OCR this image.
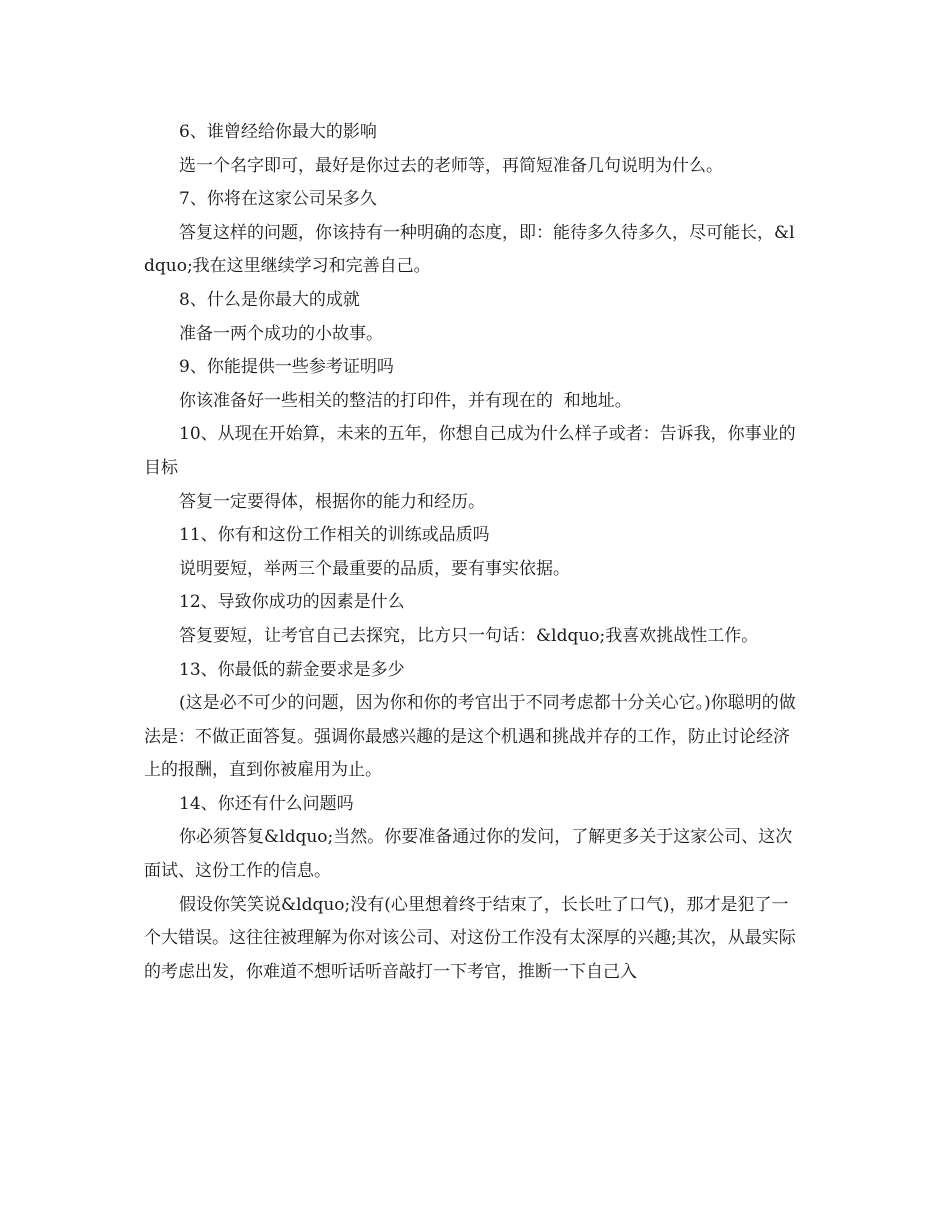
6、谁曾经给你最大的影响

选一个名字即可，最好是你过去的老师等，再简短准备几句说明为什么。

7、你将在这家公司呆多久

答复这样的问题，你该持有一种明确的态度，即：能待多久待多久，尽可能长，&ldquo;我在这里继续学习和完善自己。

8、什么是你最大的成就

准备一两个成功的小故事。

9、你能提供一些参考证明吗

你该准备好一些相关的整洁的打印件，并有现在的  和地址。

10、从现在开始算，未来的五年，你想自己成为什么样子或者：告诉我，你事业的目标

答复一定要得体，根据你的能力和经历。

11、你有和这份工作相关的训练或品质吗

说明要短，举两三个最重要的品质，要有事实依据。

12、导致你成功的因素是什么

答复要短，让考官自己去探究，比方只一句话：&ldquo;我喜欢挑战性工作。

13、你最低的薪金要求是多少

(这是必不可少的问题，因为你和你的考官出于不同考虑都十分关心它。)你聪明的做法是：不做正面答复。强调你最感兴趣的是这个机遇和挑战并存的工作，防止讨论经济上的报酬，直到你被雇用为止。

14、你还有什么问题吗

你必须答复&ldquo;当然。你要准备通过你的发问，了解更多关于这家公司、这次面试、这份工作的信息。

假设你笑笑说&ldquo;没有(心里想着终于结束了，长长吐了口气)，那才是犯了一个大错误。这往往被理解为你对该公司、对这份工作没有太深厚的兴趣;其次，从最实际的考虑出发，你难道不想听话听音敲打一下考官，推断一下自己入
